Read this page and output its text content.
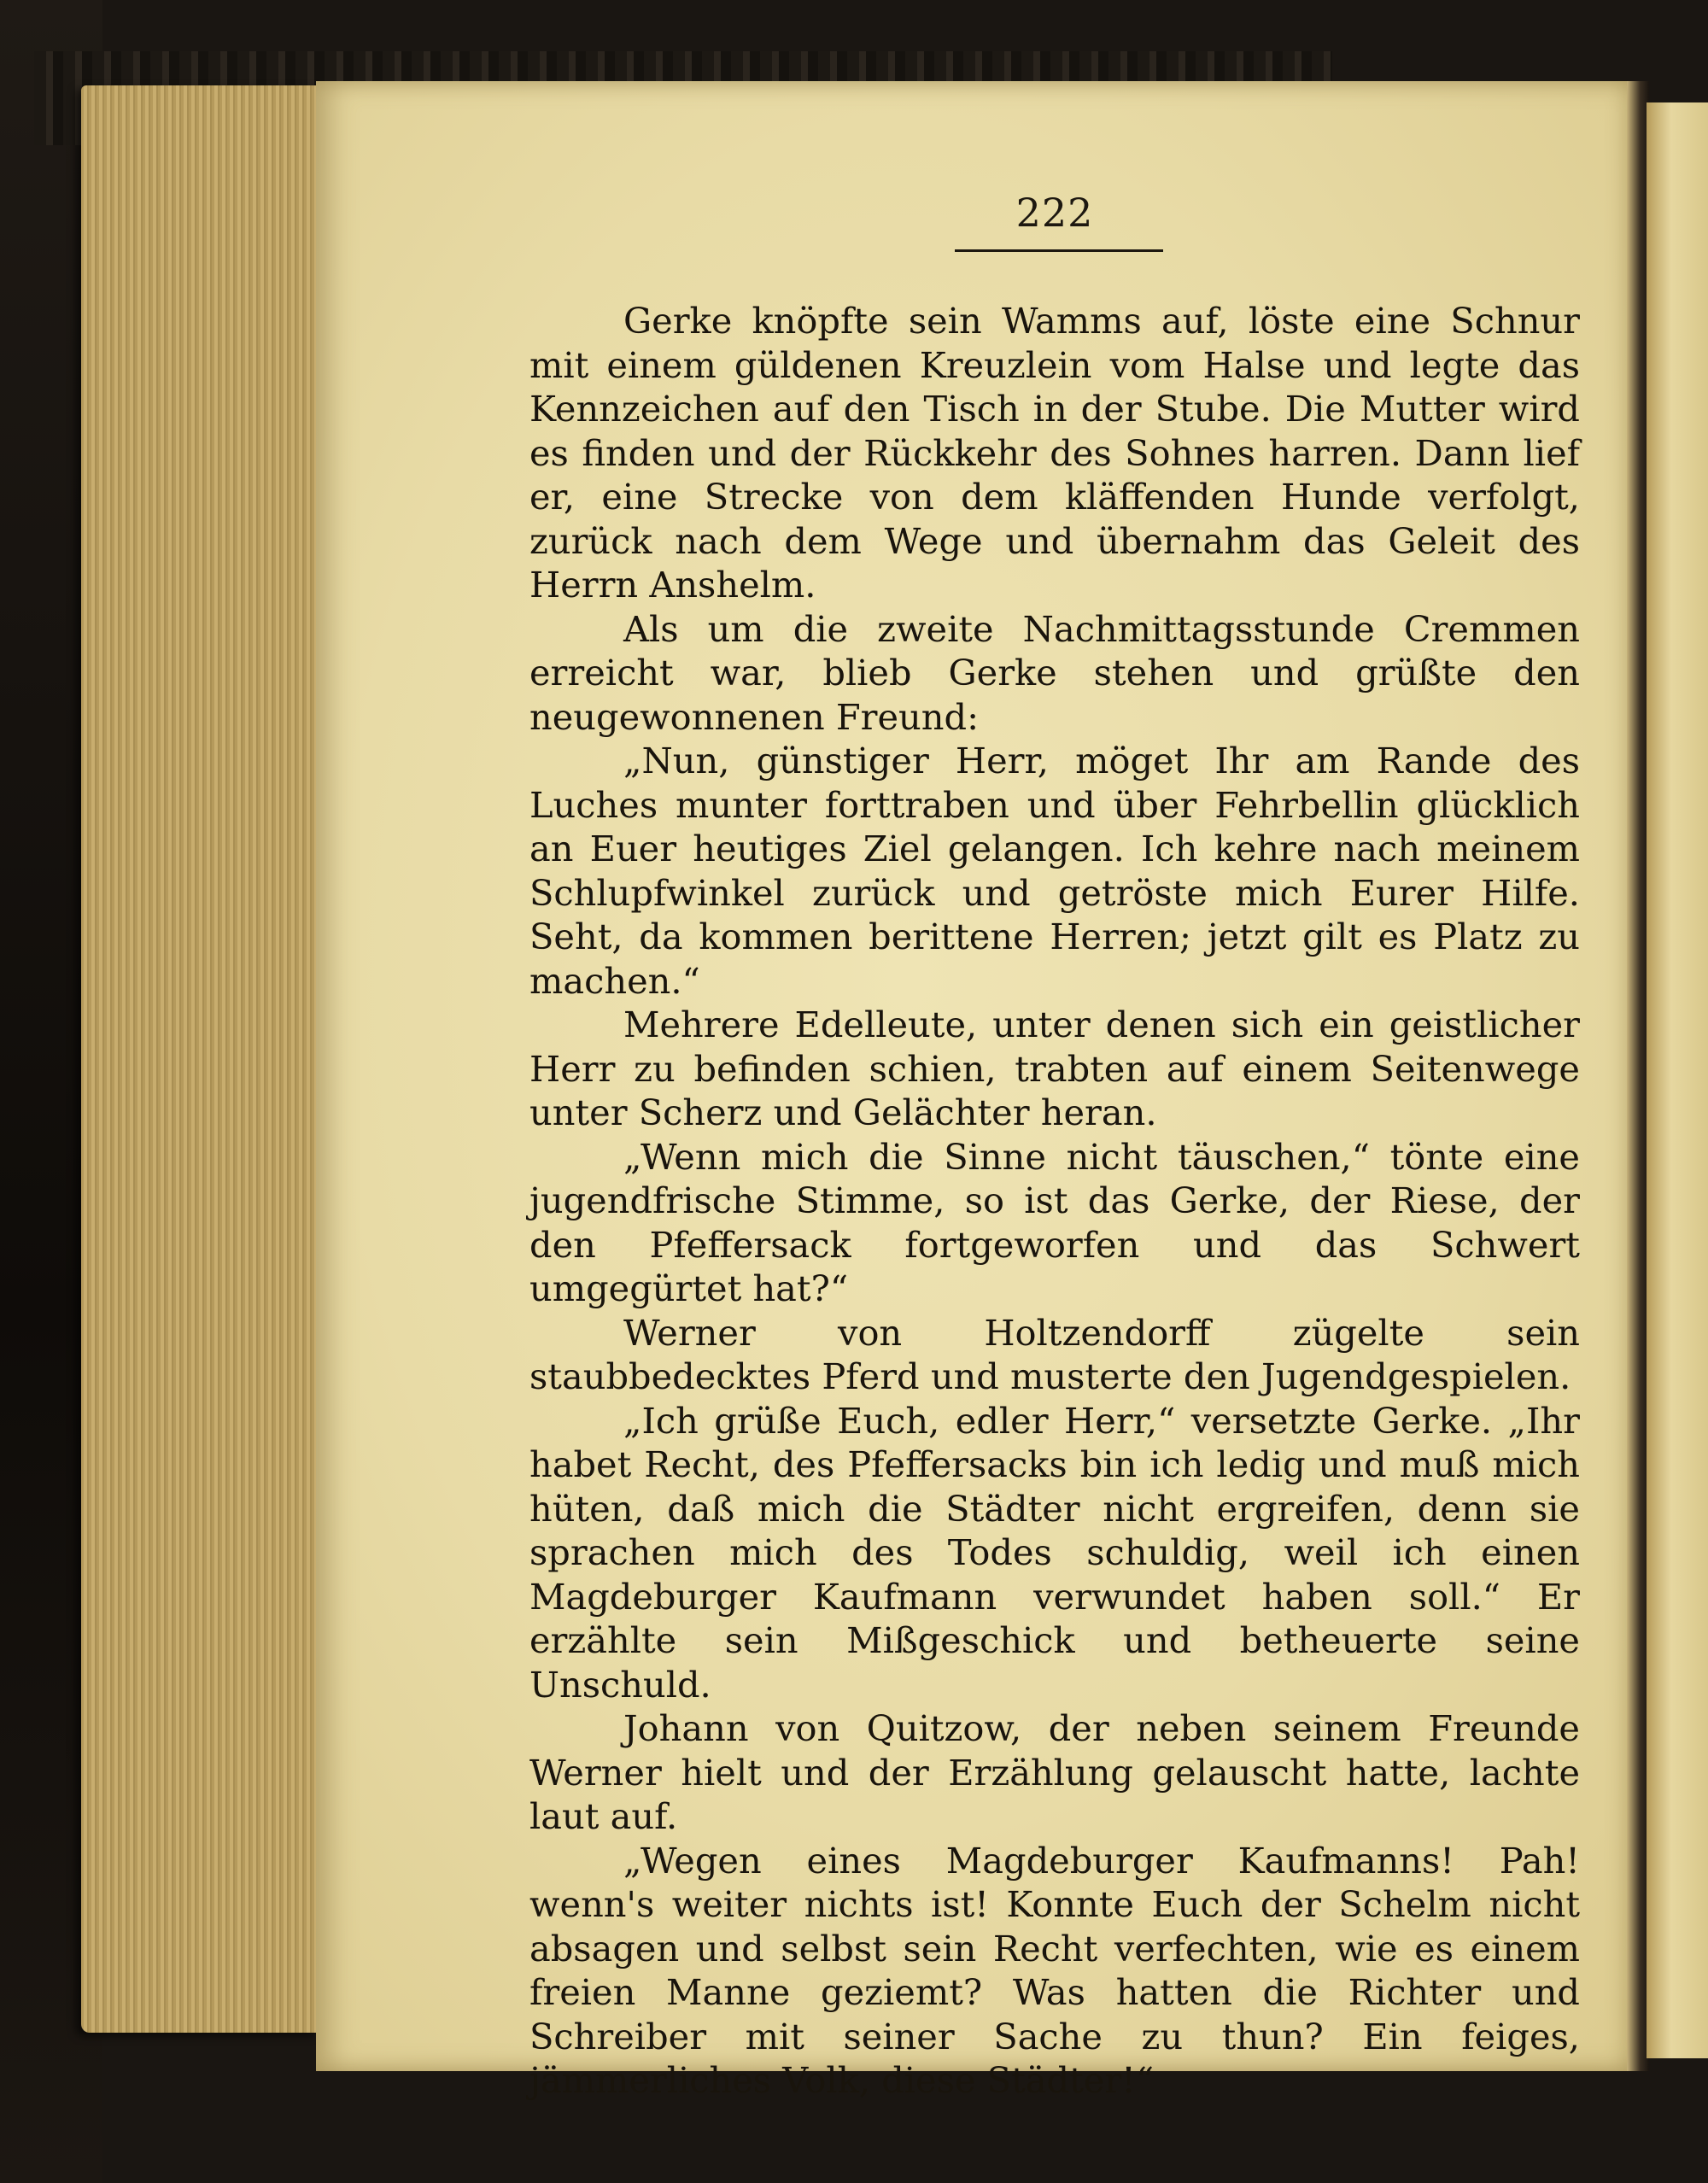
222

Gerke knöpfte sein Wamms auf, löste eine Schnur mit einem güldenen Kreuzlein vom Halse und legte das Kennzeichen auf den Tisch in der Stube. Die Mutter wird es finden und der Rückkehr des Sohnes harren. Dann lief er, eine Strecke von dem kläffenden Hunde verfolgt, zurück nach dem Wege und übernahm das Geleit des Herrn Anshelm.

Als um die zweite Nachmittagsstunde Cremmen erreicht war, blieb Gerke stehen und grüßte den neugewonnenen Freund:

„Nun, günstiger Herr, möget Ihr am Rande des Luches munter forttraben und über Fehrbellin glücklich an Euer heutiges Ziel gelangen. Ich kehre nach meinem Schlupfwinkel zurück und getröste mich Eurer Hilfe. Seht, da kommen berittene Herren; jetzt gilt es Platz zu machen.“

Mehrere Edelleute, unter denen sich ein geistlicher Herr zu befinden schien, trabten auf einem Seitenwege unter Scherz und Gelächter heran.

„Wenn mich die Sinne nicht täuschen,“ tönte eine jugendfrische Stimme, so ist das Gerke, der Riese, der den Pfeffersack fortgeworfen und das Schwert umgegürtet hat?“

Werner von Holtzendorff zügelte sein staubbedecktes Pferd und musterte den Jugendgespielen.

„Ich grüße Euch, edler Herr,“ versetzte Gerke. „Ihr habet Recht, des Pfeffersacks bin ich ledig und muß mich hüten, daß mich die Städter nicht ergreifen, denn sie sprachen mich des Todes schuldig, weil ich einen Magdeburger Kaufmann verwundet haben soll.“ Er erzählte sein Mißgeschick und betheuerte seine Unschuld.

Johann von Quitzow, der neben seinem Freunde Werner hielt und der Erzählung gelauscht hatte, lachte laut auf.

„Wegen eines Magdeburger Kaufmanns! Pah! wenn's weiter nichts ist! Konnte Euch der Schelm nicht absagen und selbst sein Recht verfechten, wie es einem freien Manne geziemt? Was hatten die Richter und Schreiber mit seiner Sache zu thun? Ein feiges, jämmerliches Volk, diese Städter!“
